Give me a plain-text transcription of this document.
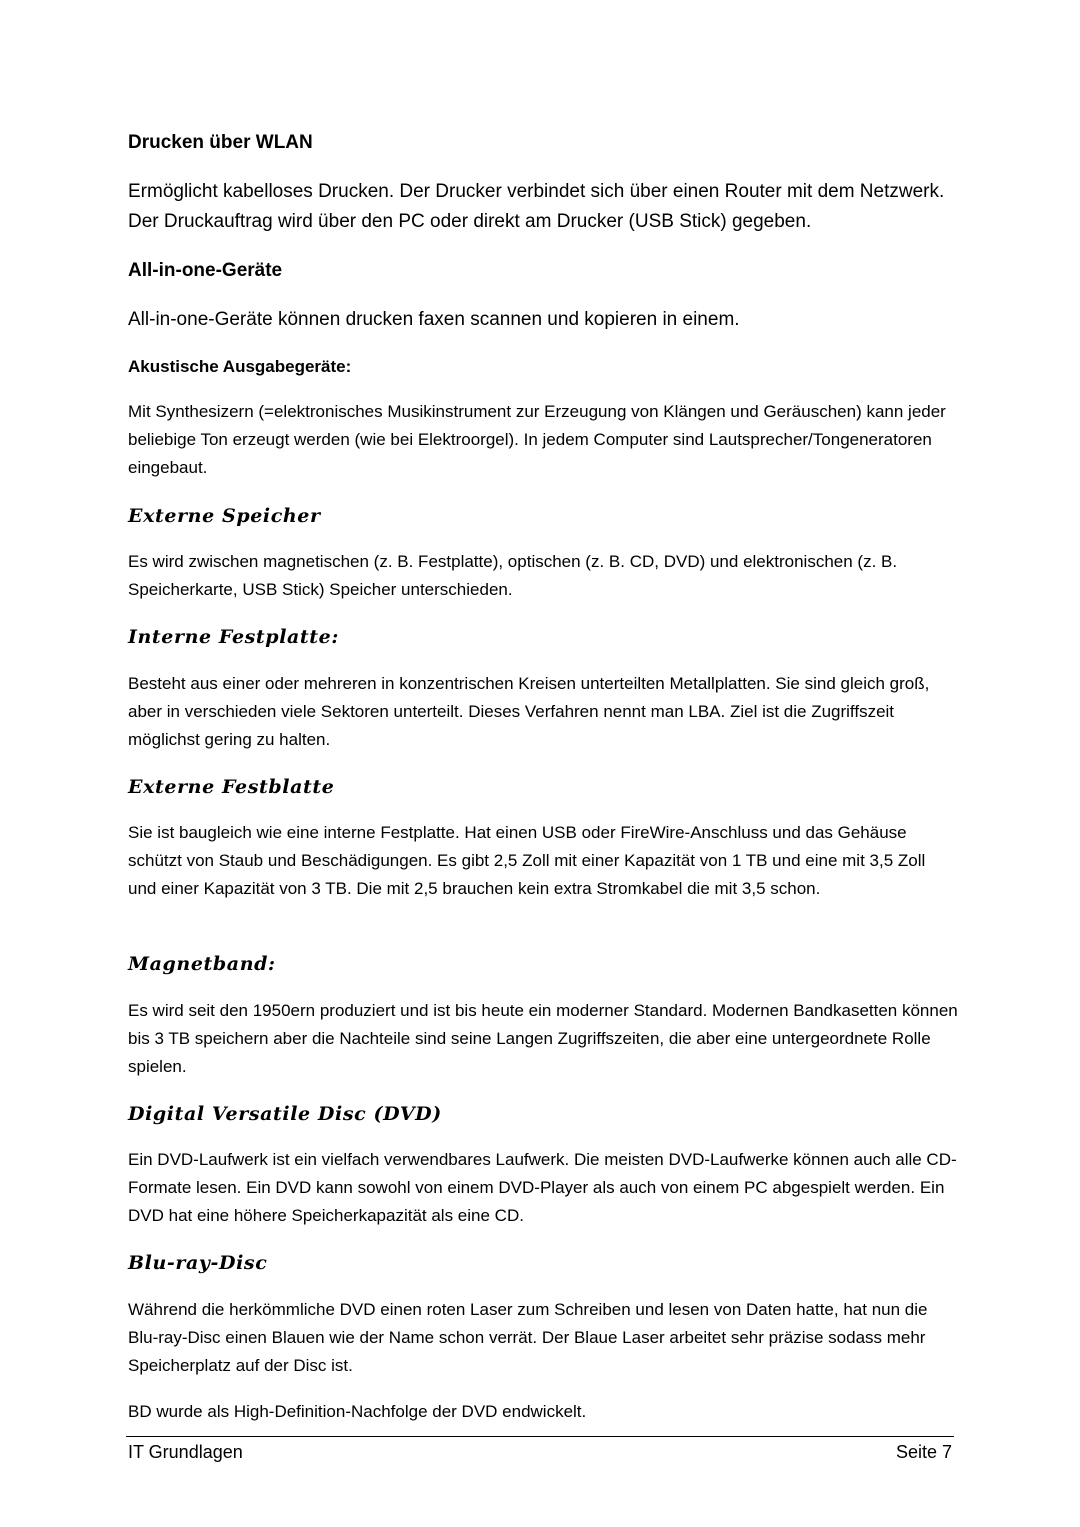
Drucken über WLAN
Ermöglicht kabelloses Drucken. Der Drucker verbindet sich über einen Router mit dem Netzwerk. Der Druckauftrag wird über den PC oder direkt am Drucker (USB Stick) gegeben.
All-in-one-Geräte
All-in-one-Geräte können drucken faxen scannen und kopieren in einem.
Akustische Ausgabegeräte:
Mit Synthesizern (=elektronisches Musikinstrument zur Erzeugung von Klängen und Geräuschen) kann jeder beliebige Ton erzeugt werden (wie bei Elektroorgel). In jedem Computer sind Lautsprecher/Tongeneratoren eingebaut.
Externe Speicher
Es wird zwischen magnetischen (z. B. Festplatte), optischen (z. B. CD, DVD) und elektronischen (z. B. Speicherkarte, USB Stick) Speicher unterschieden.
Interne Festplatte:
Besteht aus einer oder mehreren in konzentrischen Kreisen unterteilten Metallplatten. Sie sind gleich groß, aber in verschieden viele Sektoren unterteilt. Dieses Verfahren nennt man LBA. Ziel ist die Zugriffszeit möglichst gering zu halten.
Externe Festblatte
Sie ist baugleich wie eine interne Festplatte. Hat einen USB oder FireWire-Anschluss und das Gehäuse schützt von Staub und Beschädigungen. Es gibt 2,5 Zoll mit einer Kapazität von 1 TB und eine mit 3,5 Zoll und einer Kapazität von 3 TB. Die mit 2,5 brauchen kein extra Stromkabel die mit 3,5 schon.
Magnetband:
Es wird seit den 1950ern produziert und ist bis heute ein moderner Standard. Modernen Bandkasetten können bis 3 TB speichern aber die Nachteile sind seine Langen Zugriffszeiten, die aber eine untergeordnete Rolle spielen.
Digital Versatile Disc (DVD)
Ein DVD-Laufwerk ist ein vielfach verwendbares Laufwerk. Die meisten DVD-Laufwerke können auch alle CD-Formate lesen. Ein DVD kann sowohl von einem DVD-Player als auch von einem PC abgespielt werden. Ein DVD hat eine höhere Speicherkapazität als eine CD.
Blu-ray-Disc
Während die herkömmliche DVD einen roten Laser zum Schreiben und lesen von Daten hatte, hat nun die Blu-ray-Disc einen Blauen wie der Name schon verrät. Der Blaue Laser arbeitet sehr präzise sodass mehr Speicherplatz auf der Disc ist.
BD wurde als High-Definition-Nachfolge der DVD endwickelt.
IT Grundlagen	Seite 7
